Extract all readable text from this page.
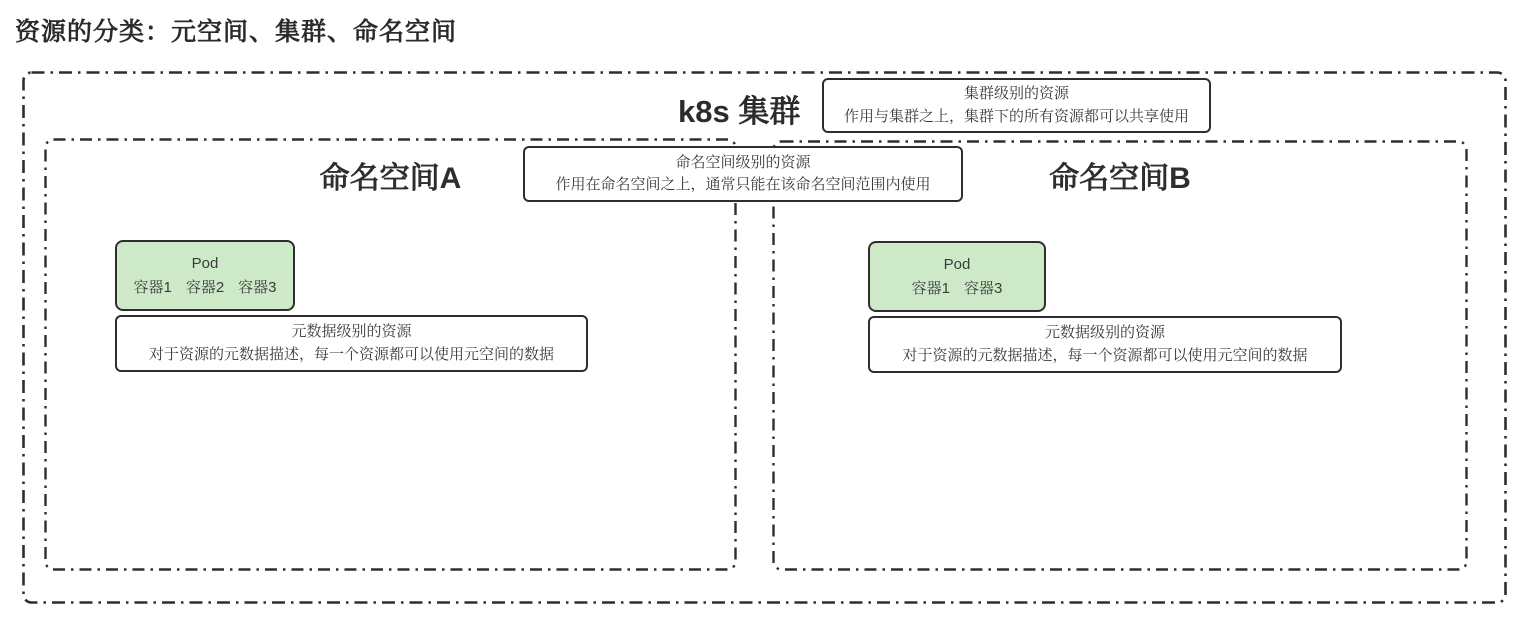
资源的分类：元空间、集群、命名空间
k8s 集群
集群级别的资源
作用与集群之上，集群下的所有资源都可以共享使用
命名空间A	命名空间B
命名空间级别的资源
作用在命名空间之上，通常只能在该命名空间范围内使用
Pod
容器1 容器2 容器3
元数据级别的资源
对于资源的元数据描述，每一个资源都可以使用元空间的数据
Pod
容器1 容器3
元数据级别的资源
对于资源的元数据描述，每一个资源都可以使用元空间的数据
